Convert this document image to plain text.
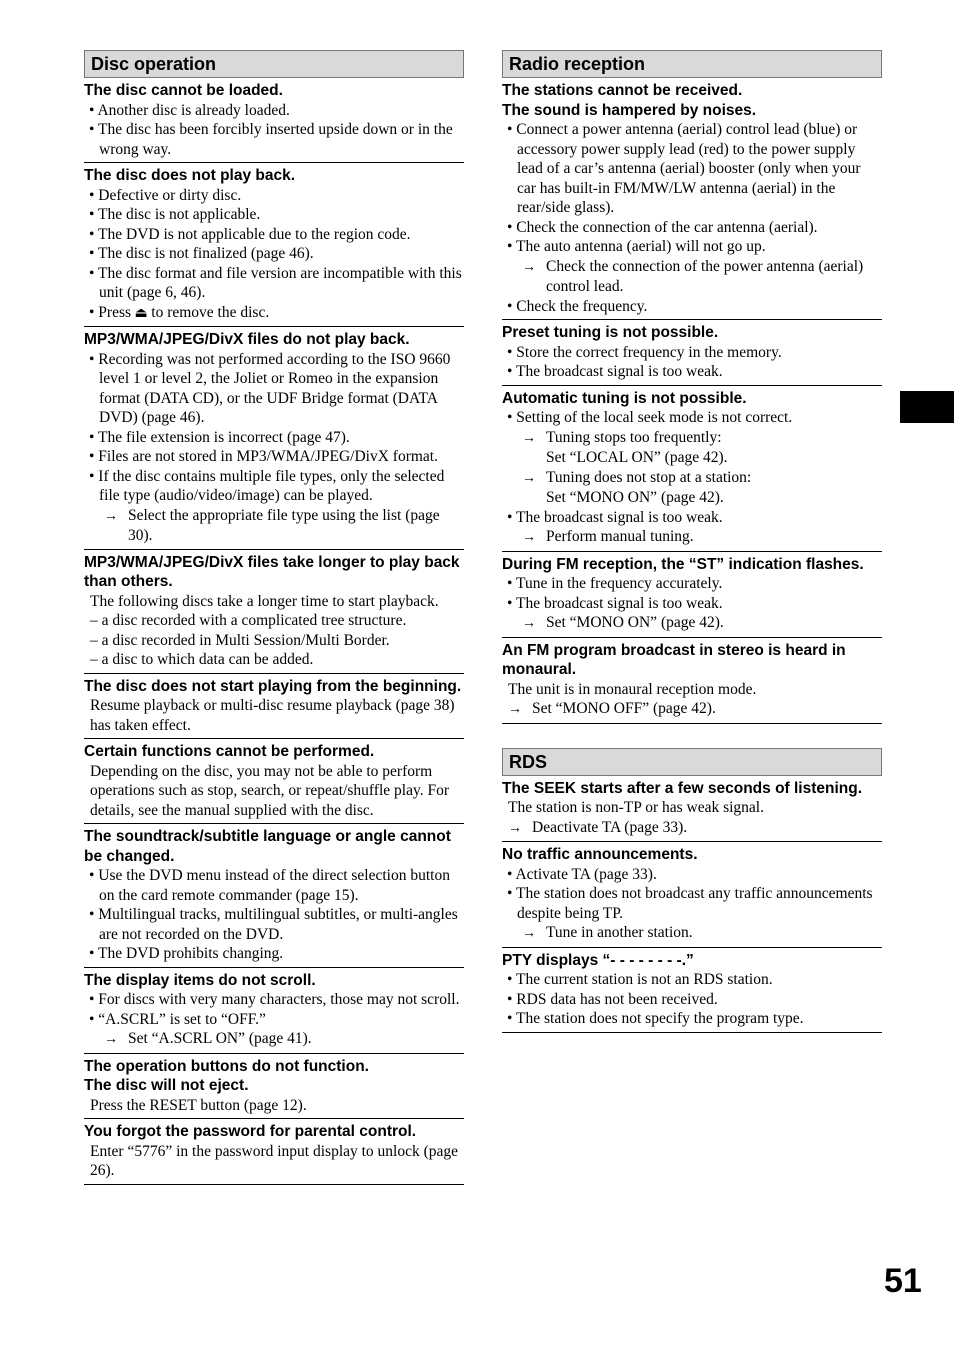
Disc operation
The disc cannot be loaded.
• Another disc is already loaded.
• The disc has been forcibly inserted upside down or in the wrong way.
The disc does not play back.
• Defective or dirty disc.
• The disc is not applicable.
• The DVD is not applicable due to the region code.
• The disc is not finalized (page 46).
• The disc format and file version are incompatible with this unit (page 6, 46).
• Press ⏏ to remove the disc.
MP3/WMA/JPEG/DivX files do not play back.
• Recording was not performed according to the ISO 9660 level 1 or level 2, the Joliet or Romeo in the expansion format (DATA CD), or the UDF Bridge format (DATA DVD) (page 46).
• The file extension is incorrect (page 47).
• Files are not stored in MP3/WMA/JPEG/DivX format.
• If the disc contains multiple file types, only the selected file type (audio/video/image) can be played.
→ Select the appropriate file type using the list (page 30).
MP3/WMA/JPEG/DivX files take longer to play back than others.
The following discs take a longer time to start playback.
– a disc recorded with a complicated tree structure.
– a disc recorded in Multi Session/Multi Border.
– a disc to which data can be added.
The disc does not start playing from the beginning.
Resume playback or multi-disc resume playback (page 38) has taken effect.
Certain functions cannot be performed.
Depending on the disc, you may not be able to perform operations such as stop, search, or repeat/shuffle play. For details, see the manual supplied with the disc.
The soundtrack/subtitle language or angle cannot be changed.
• Use the DVD menu instead of the direct selection button on the card remote commander (page 15).
• Multilingual tracks, multilingual subtitles, or multi-angles are not recorded on the DVD.
• The DVD prohibits changing.
The display items do not scroll.
• For discs with very many characters, those may not scroll.
• “A.SCRL” is set to “OFF.”
→ Set “A.SCRL ON” (page 41).
The operation buttons do not function.
The disc will not eject.
Press the RESET button (page 12).
You forgot the password for parental control.
Enter “5776” in the password input display to unlock (page 26).
Radio reception
The stations cannot be received.
The sound is hampered by noises.
• Connect a power antenna (aerial) control lead (blue) or accessory power supply lead (red) to the power supply lead of a car’s antenna (aerial) booster (only when your car has built-in FM/MW/LW antenna (aerial) in the rear/side glass).
• Check the connection of the car antenna (aerial).
• The auto antenna (aerial) will not go up.
→ Check the connection of the power antenna (aerial) control lead.
• Check the frequency.
Preset tuning is not possible.
• Store the correct frequency in the memory.
• The broadcast signal is too weak.
Automatic tuning is not possible.
• Setting of the local seek mode is not correct.
→ Tuning stops too frequently:
Set “LOCAL ON” (page 42).
→ Tuning does not stop at a station:
Set “MONO ON” (page 42).
• The broadcast signal is too weak.
→ Perform manual tuning.
During FM reception, the “ST” indication flashes.
• Tune in the frequency accurately.
• The broadcast signal is too weak.
→ Set “MONO ON” (page 42).
An FM program broadcast in stereo is heard in monaural.
The unit is in monaural reception mode.
→ Set “MONO OFF” (page 42).
RDS
The SEEK starts after a few seconds of listening.
The station is non-TP or has weak signal.
→ Deactivate TA (page 33).
No traffic announcements.
• Activate TA (page 33).
• The station does not broadcast any traffic announcements despite being TP.
→ Tune in another station.
PTY displays “- - - - - - - -.”
• The current station is not an RDS station.
• RDS data has not been received.
• The station does not specify the program type.
51
